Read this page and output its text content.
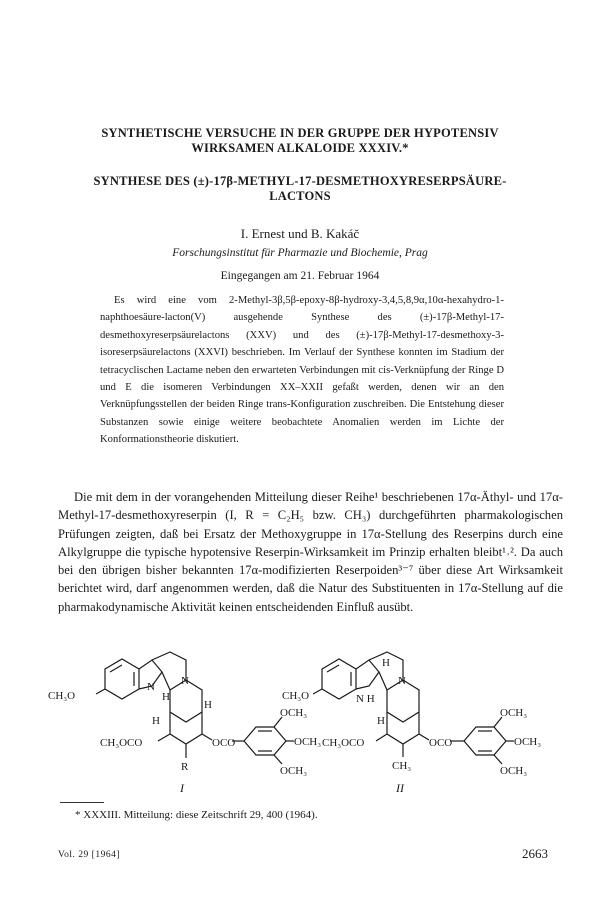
SYNTHETISCHE VERSUCHE IN DER GRUPPE DER HYPOTENSIV
WIRKSAMEN ALKALOIDE XXXIV.*
SYNTHESE DES (±)-17β-METHYL-17-DESMETHOXYRESERPSÄURE-
LACTONS
I. Ernest und B. Kakáč
Forschungsinstitut für Pharmazie und Biochemie, Prag
Eingegangen am 21. Februar 1964
Es wird eine vom 2-Methyl-3β,5β-epoxy-8β-hydroxy-3,4,5,8,9α,10α-hexahydro-1-naphthoesäure-lacton(V) ausgehende Synthese des (±)-17β-Methyl-17-desmethoxyreserpsäurelactons (XXV) und des (±)-17β-Methyl-17-desmethoxy-3-isoreserpsäurelactons (XXVI) beschrieben. Im Verlauf der Synthese konnten im Stadium der tetracyclischen Lactame neben den erwarteten Verbindungen mit cis-Verknüpfung der Ringe D und E die isomeren Verbindungen XX–XXII gefaßt werden, denen wir an den Verknüpfungsstellen der beiden Ringe trans-Konfiguration zuschreiben. Die Entstehung dieser Substanzen sowie einige weitere beobachtete Anomalien werden im Lichte der Konformationstheorie diskutiert.
Die mit dem in der vorangehenden Mitteilung dieser Reihe¹ beschriebenen 17α-Äthyl- und 17α-Methyl-17-desmethoxyreserpin (I, R = C₂H₅ bzw. CH₃) durchgeführten pharmakologischen Prüfungen zeigten, daß bei Ersatz der Methoxygruppe in 17α-Stellung des Reserpins durch eine Alkylgruppe die typische hypotensive Reserpin-Wirksamkeit im Prinzip erhalten bleibt¹˒². Da auch bei den übrigen bisher bekannten 17α-modifizierten Reserpoiden³⁻⁷ über diese Art Wirksamkeit berichtet wird, darf angenommen werden, daß die Natur des Substituenten in 17α-Stellung auf die pharmakodynamische Aktivität keinen entscheidenden Einfluß ausübt.
CH₃O
N
H
N
H
H
CH₃OCO
R
OCO
OCH₃
OCH₃
OCH₃
I
CH₃O	N H
H
N
H
CH₃OCO
CH₃
OCO
OCH₃
OCH₃
OCH₃
II
* XXXIII. Mitteilung: diese Zeitschrift 29, 400 (1964).
Vol. 29 [1964]	2663
